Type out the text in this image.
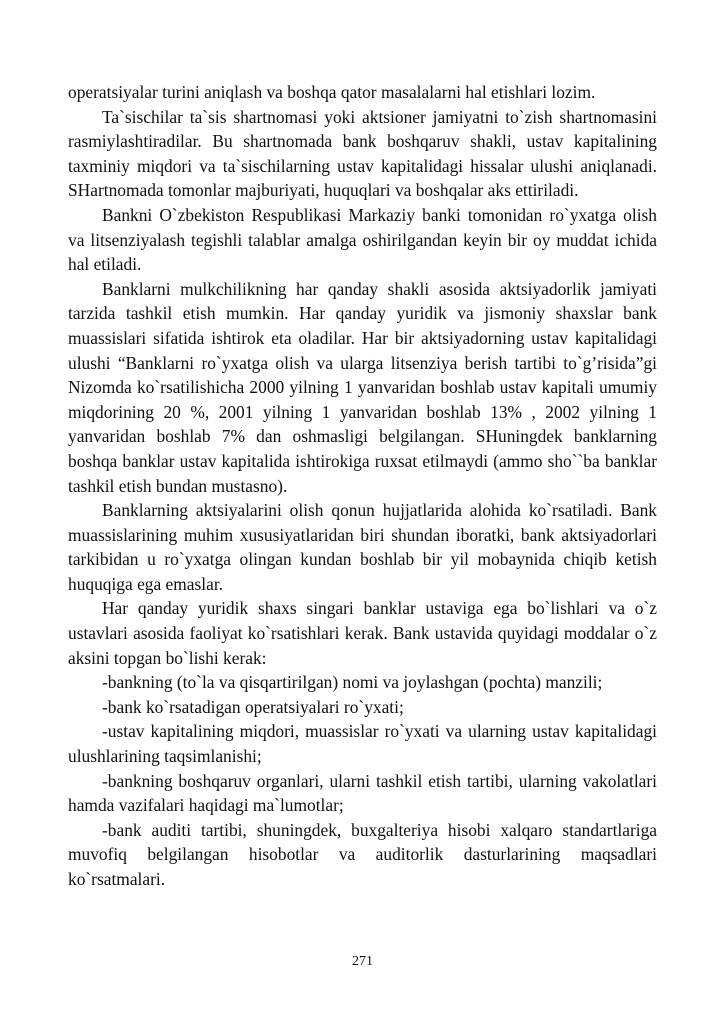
operatsiyalar turini aniqlash va boshqa qator masalalarni hal etishlari lozim.

Ta`sischilar ta`sis shartnomasi yoki aktsioner jamiyatni to`zish shartnomasini rasmiylashtiradilar. Bu shartnomada bank boshqaruv shakli, ustav kapitalining taxminiy miqdori va ta`sischilarning ustav kapitalidagi hissalar ulushi aniqlanadi. SHartnomada tomonlar majburiyati, huquqlari va boshqalar aks ettiriladi.

Bankni O`zbekiston Respublikasi Markaziy banki tomonidan ro`yxatga olish va litsenziyalash tegishli talablar amalga oshirilgandan keyin bir oy muddat ichida hal etiladi.

Banklarni mulkchilikning har qanday shakli asosida aktsiyadorlik jamiyati tarzida tashkil etish mumkin. Har qanday yuridik va jismoniy shaxslar bank muassislari sifatida ishtirok eta oladilar. Har bir aktsiyadorning ustav kapitalidagi ulushi “Banklarni ro`yxatga olish va ularga litsenziya berish tartibi to`g’risida”gi Nizomda ko`rsatilishicha 2000 yilning 1 yanvaridan boshlab ustav kapitali umumiy miqdorining 20 %, 2001 yilning 1 yanvaridan boshlab 13% , 2002 yilning 1 yanvaridan boshlab 7% dan oshmasligi belgilangan. SHuningdek banklarning boshqa banklar ustav kapitalida ishtirokiga ruxsat etilmaydi (ammo sho``ba banklar tashkil etish bundan mustasno).

Banklarning aktsiyalarini olish qonun hujjatlarida alohida ko`rsatiladi. Bank muassislarining muhim xususiyatlaridan biri shundan iboratki, bank aktsiyadorlari tarkibidan u ro`yxatga olingan kundan boshlab bir yil mobaynida chiqib ketish huquqiga ega emaslar.

Har qanday yuridik shaxs singari banklar ustaviga ega bo`lishlari va o`z ustavlari asosida faoliyat ko`rsatishlari kerak. Bank ustavida quyidagi moddalar o`z aksini topgan bo`lishi kerak:

-bankning (to`la va qisqartirilgan) nomi va joylashgan (pochta) manzili;

-bank ko`rsatadigan operatsiyalari ro`yxati;

-ustav kapitalining miqdori, muassislar ro`yxati va ularning ustav kapitalidagi ulushlarining taqsimlanishi;

-bankning boshqaruv organlari, ularni tashkil etish tartibi, ularning vakolatlari hamda vazifalari haqidagi ma`lumotlar;

-bank auditi tartibi, shuningdek, buxgalteriya hisobi xalqaro standartlariga muvofiq belgilangan hisobotlar va auditorlik dasturlarining maqsadlari ko`rsatmalari.

271
